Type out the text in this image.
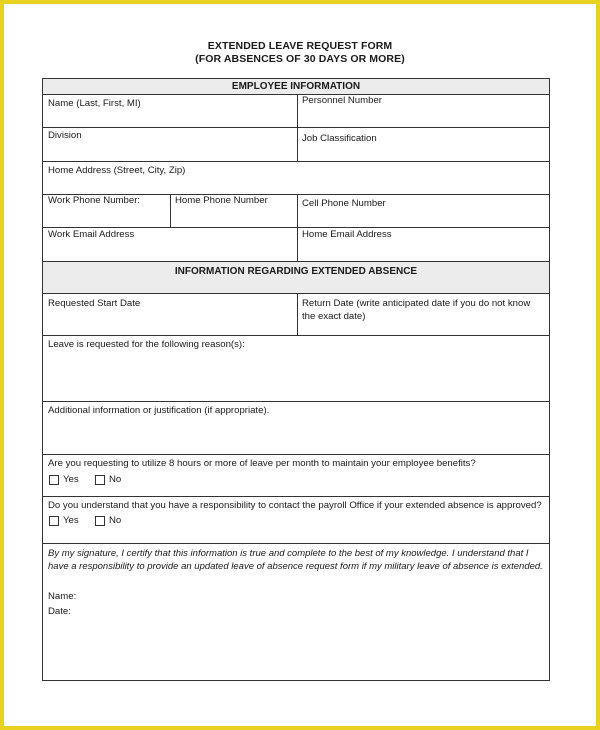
EXTENDED LEAVE REQUEST FORM
(FOR ABSENCES OF 30 DAYS OR MORE)
EMPLOYEE INFORMATION
Name (Last, First, MI)	Personnel Number
Division	Job Classification
Home Address (Street, City, Zip)
Work Phone Number:	Home Phone Number	Cell Phone Number
Work Email Address	Home Email Address
INFORMATION REGARDING EXTENDED ABSENCE
Requested Start Date	Return Date (write anticipated date if you do not know the exact date)
Leave is requested for the following reason(s):
Additional information or justification (if appropriate).
Are you requesting to utilize 8 hours or more of leave per month to maintain your employee benefits?
Yes	No
Do you understand that you have a responsibility to contact the payroll Office if your extended absence is approved?
Yes	No
By my signature, I certify that this information is true and complete to the best of my knowledge. I understand that I have a responsibility to provide an updated leave of absence request form if my military leave of absence is extended.
Name:
Date:
